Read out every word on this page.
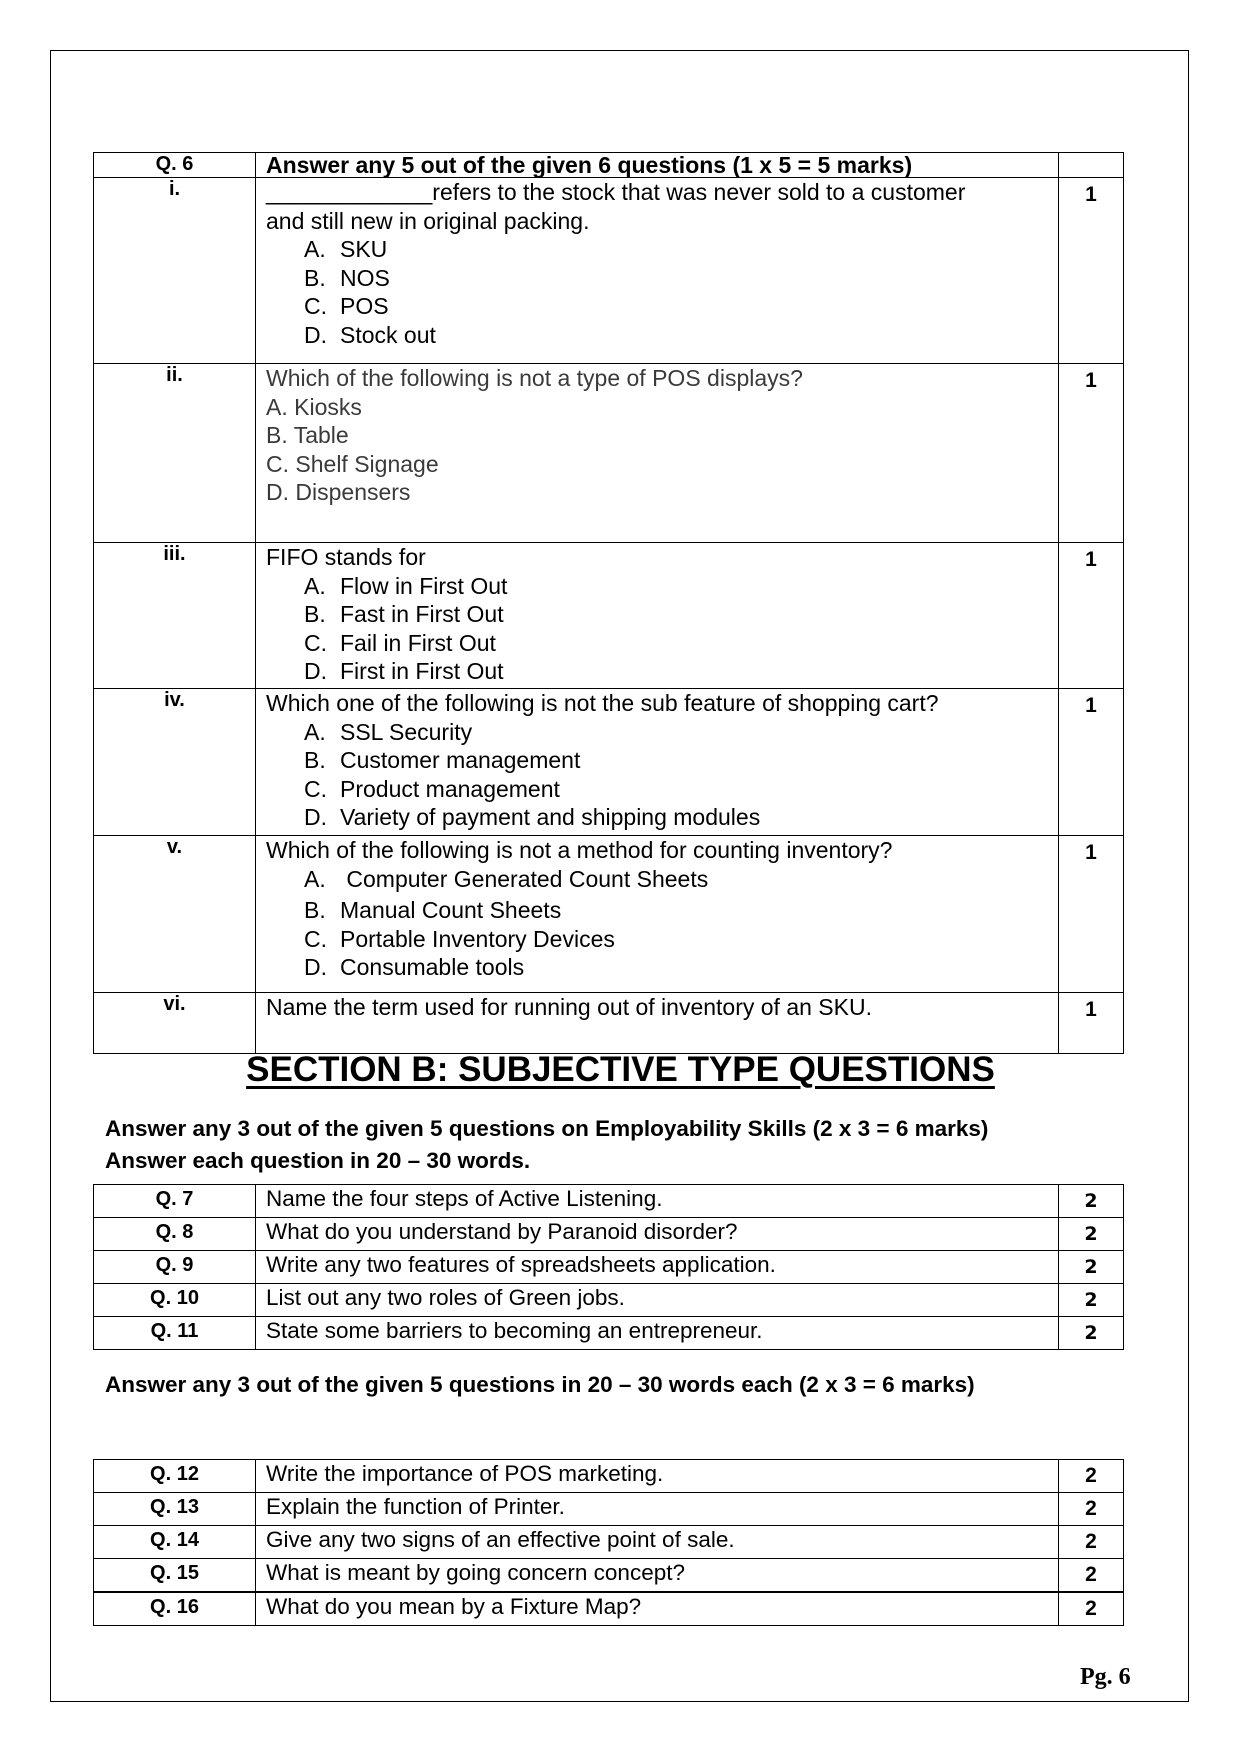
Q. 6	Answer any 5 out of the given 6 questions (1 x 5 = 5 marks)	
i.	_____________refers to the stock that was never sold to a customer
and still new in original packing.
A. SKU
B. NOS
C. POS
D. Stock out
	1
ii.	Which of the following is not a type of POS displays?
A. Kiosks
B. Table
C. Shelf Signage
D. Dispensers	1
iii.	FIFO stands for
A. Flow in First Out
B. Fast in First Out
C. Fail in First Out
D. First in First Out	1
iv.	Which one of the following is not the sub feature of shopping cart?
A. SSL Security
B. Customer management
C. Product management
D. Variety of payment and shipping modules	1
v.	Which of the following is not a method for counting inventory?
A. Computer Generated Count Sheets
B. Manual Count Sheets
C. Portable Inventory Devices
D. Consumable tools	1
vi.	Name the term used for running out of inventory of an SKU.	1
SECTION B: SUBJECTIVE TYPE QUESTIONS
Answer any 3 out of the given 5 questions on Employability Skills (2 x 3 = 6 marks)
Answer each question in 20 – 30 words.
Q. 7	Name the four steps of Active Listening.	2
Q. 8	What do you understand by Paranoid disorder?	2
Q. 9	Write any two features of spreadsheets application.	2
Q. 10	List out any two roles of Green jobs.	2
Q. 11	State some barriers to becoming an entrepreneur.	2
Answer any 3 out of the given 5 questions in 20 – 30 words each (2 x 3 = 6 marks)
Q. 12	Write the importance of POS marketing.	2
Q. 13	Explain the function of Printer.	2
Q. 14	Give any two signs of an effective point of sale.	2
Q. 15	What is meant by going concern concept?	2
Q. 16	What do you mean by a Fixture Map?	2
Pg. 6
